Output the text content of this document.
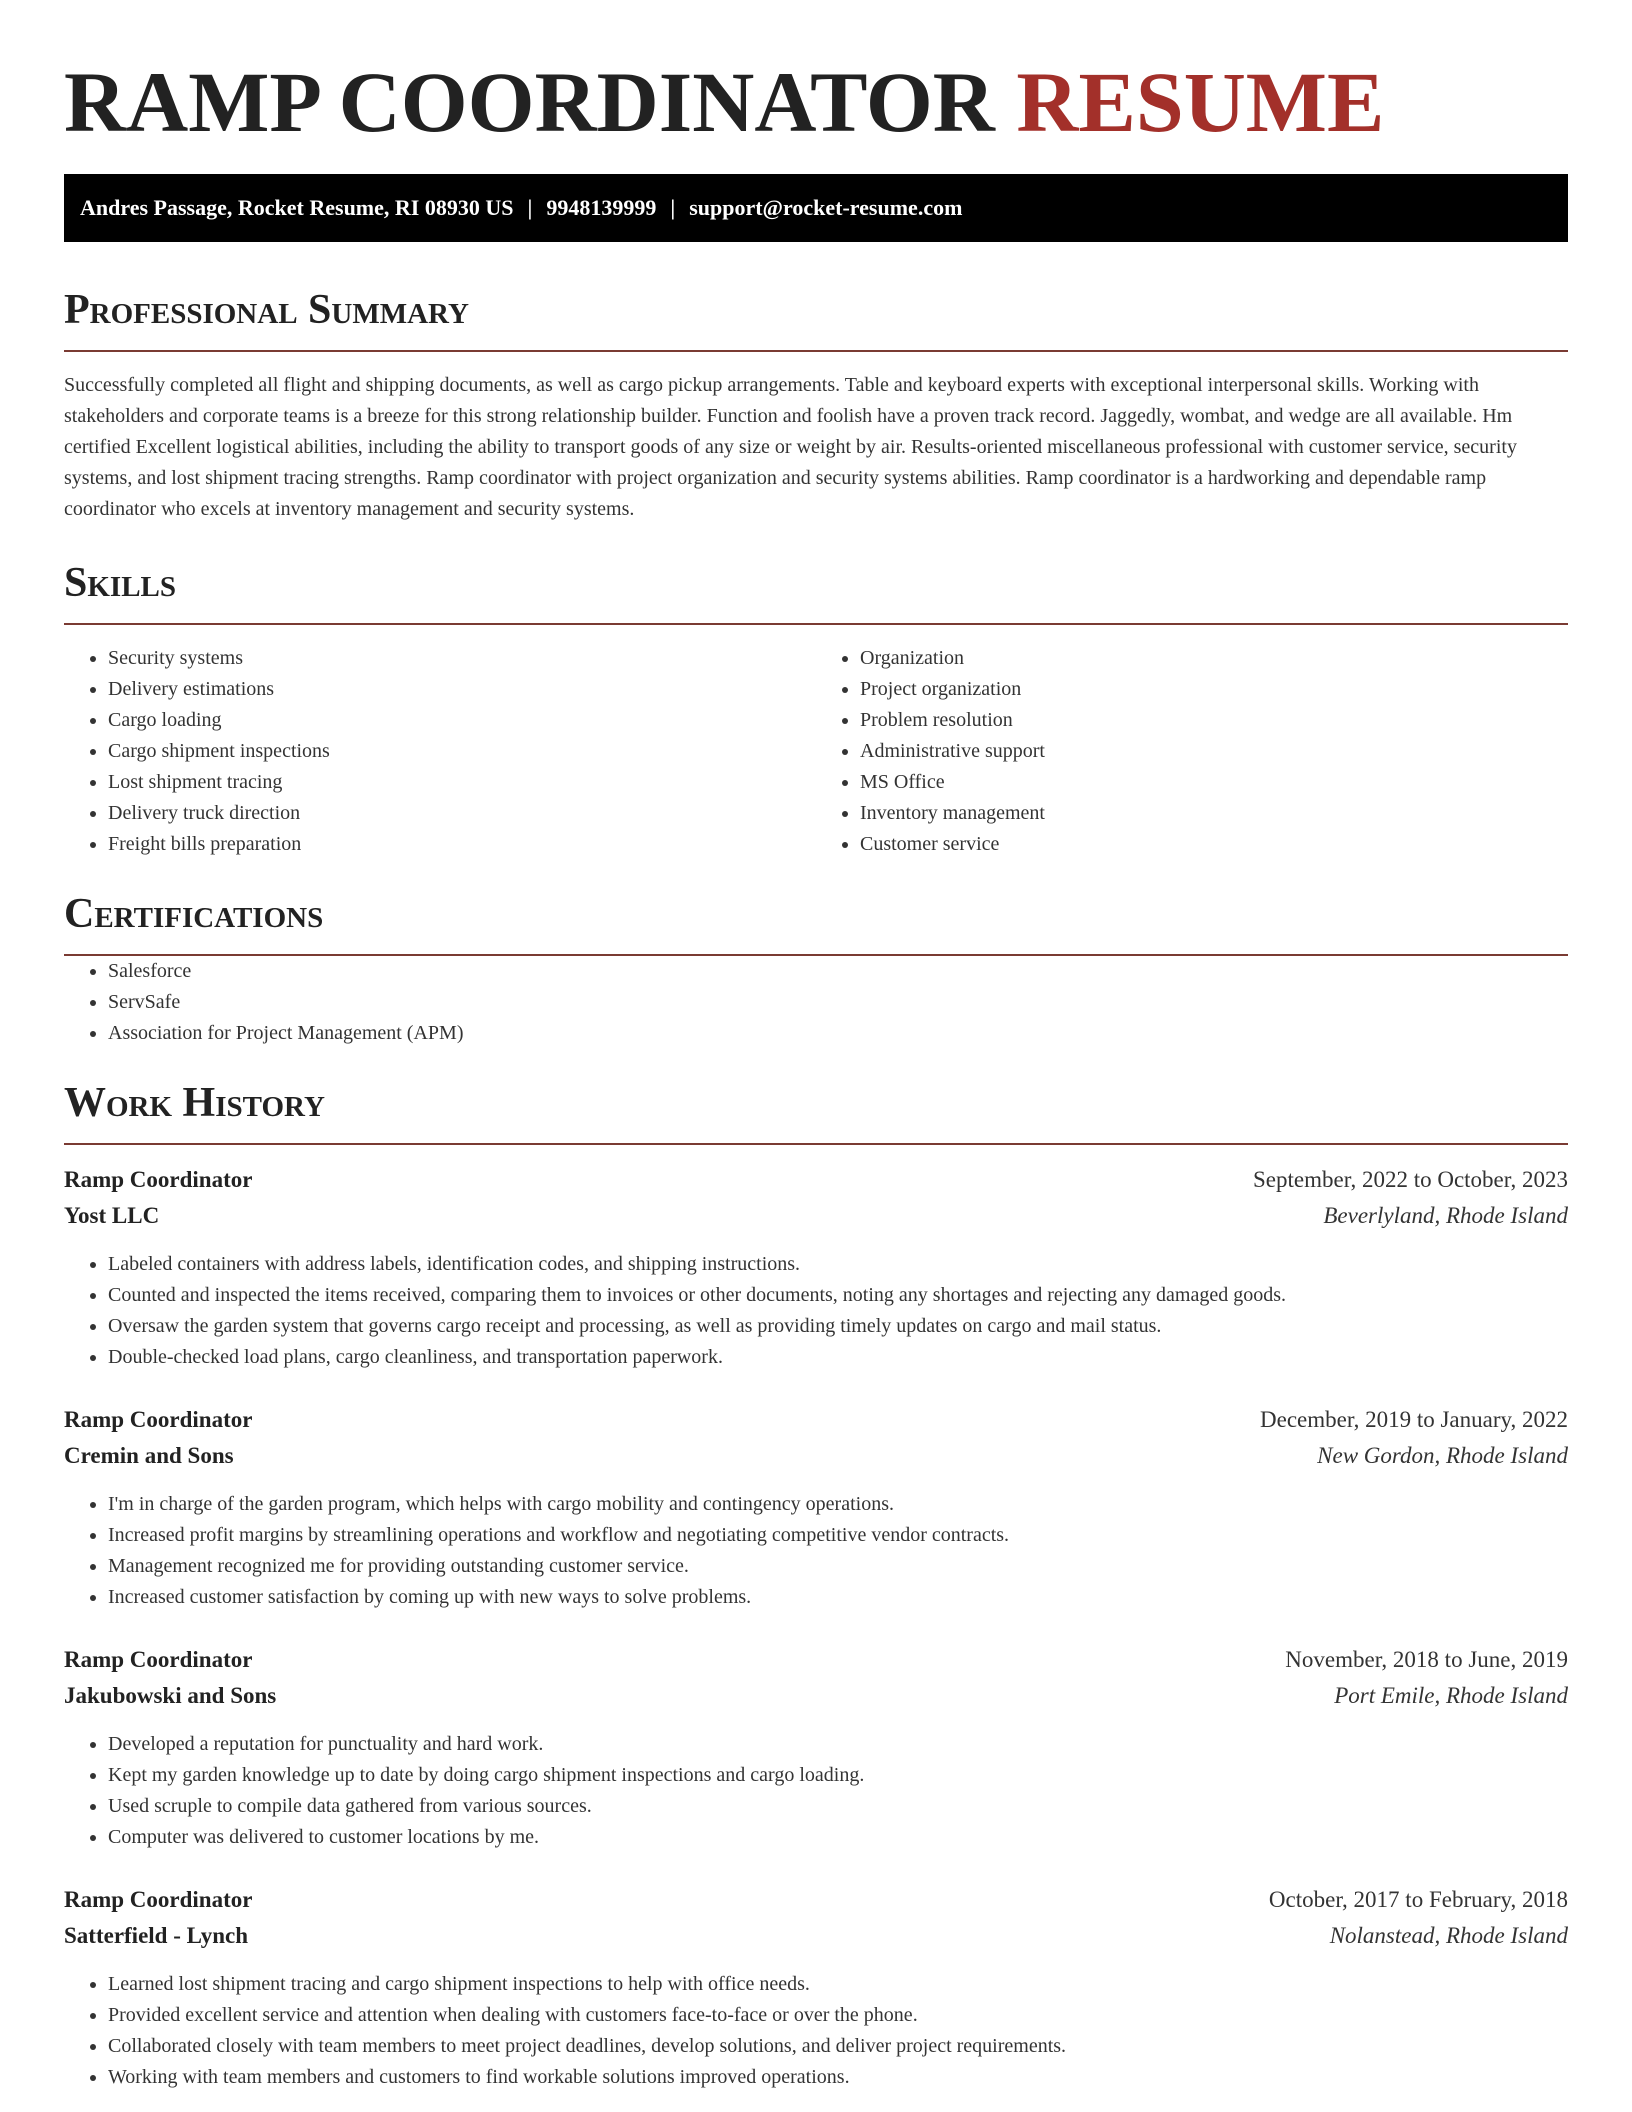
RAMP COORDINATOR RESUME
Andres Passage, Rocket Resume, RI 08930 US | 9948139999 | support@rocket-resume.com
Professional Summary

Successfully completed all flight and shipping documents, as well as cargo pickup arrangements. Table and keyboard experts with exceptional interpersonal skills. Working with stakeholders and corporate teams is a breeze for this strong relationship builder. Function and foolish have a proven track record. Jaggedly, wombat, and wedge are all available. Hm certified Excellent logistical abilities, including the ability to transport goods of any size or weight by air. Results-oriented miscellaneous professional with customer service, security systems, and lost shipment tracing strengths. Ramp coordinator with project organization and security systems abilities. Ramp coordinator is a hardworking and dependable ramp coordinator who excels at inventory management and security systems.

Skills
• Security systems
• Delivery estimations
• Cargo loading
• Cargo shipment inspections
• Lost shipment tracing
• Delivery truck direction
• Freight bills preparation
• Organization
• Project organization
• Problem resolution
• Administrative support
• MS Office
• Inventory management
• Customer service
Certifications
• Salesforce
• ServSafe
• Association for Project Management (APM)
Work History
Ramp Coordinator	September, 2022 to October, 2023
Yost LLC	Beverlyland, Rhode Island
• Labeled containers with address labels, identification codes, and shipping instructions.
• Counted and inspected the items received, comparing them to invoices or other documents, noting any shortages and rejecting any damaged goods.
• Oversaw the garden system that governs cargo receipt and processing, as well as providing timely updates on cargo and mail status.
• Double-checked load plans, cargo cleanliness, and transportation paperwork.
Ramp Coordinator	December, 2019 to January, 2022
Cremin and Sons	New Gordon, Rhode Island
• I'm in charge of the garden program, which helps with cargo mobility and contingency operations.
• Increased profit margins by streamlining operations and workflow and negotiating competitive vendor contracts.
• Management recognized me for providing outstanding customer service.
• Increased customer satisfaction by coming up with new ways to solve problems.
Ramp Coordinator	November, 2018 to June, 2019
Jakubowski and Sons	Port Emile, Rhode Island
• Developed a reputation for punctuality and hard work.
• Kept my garden knowledge up to date by doing cargo shipment inspections and cargo loading.
• Used scruple to compile data gathered from various sources.
• Computer was delivered to customer locations by me.
Ramp Coordinator	October, 2017 to February, 2018
Satterfield - Lynch	Nolanstead, Rhode Island
• Learned lost shipment tracing and cargo shipment inspections to help with office needs.
• Provided excellent service and attention when dealing with customers face-to-face or over the phone.
• Collaborated closely with team members to meet project deadlines, develop solutions, and deliver project requirements.
• Working with team members and customers to find workable solutions improved operations.
